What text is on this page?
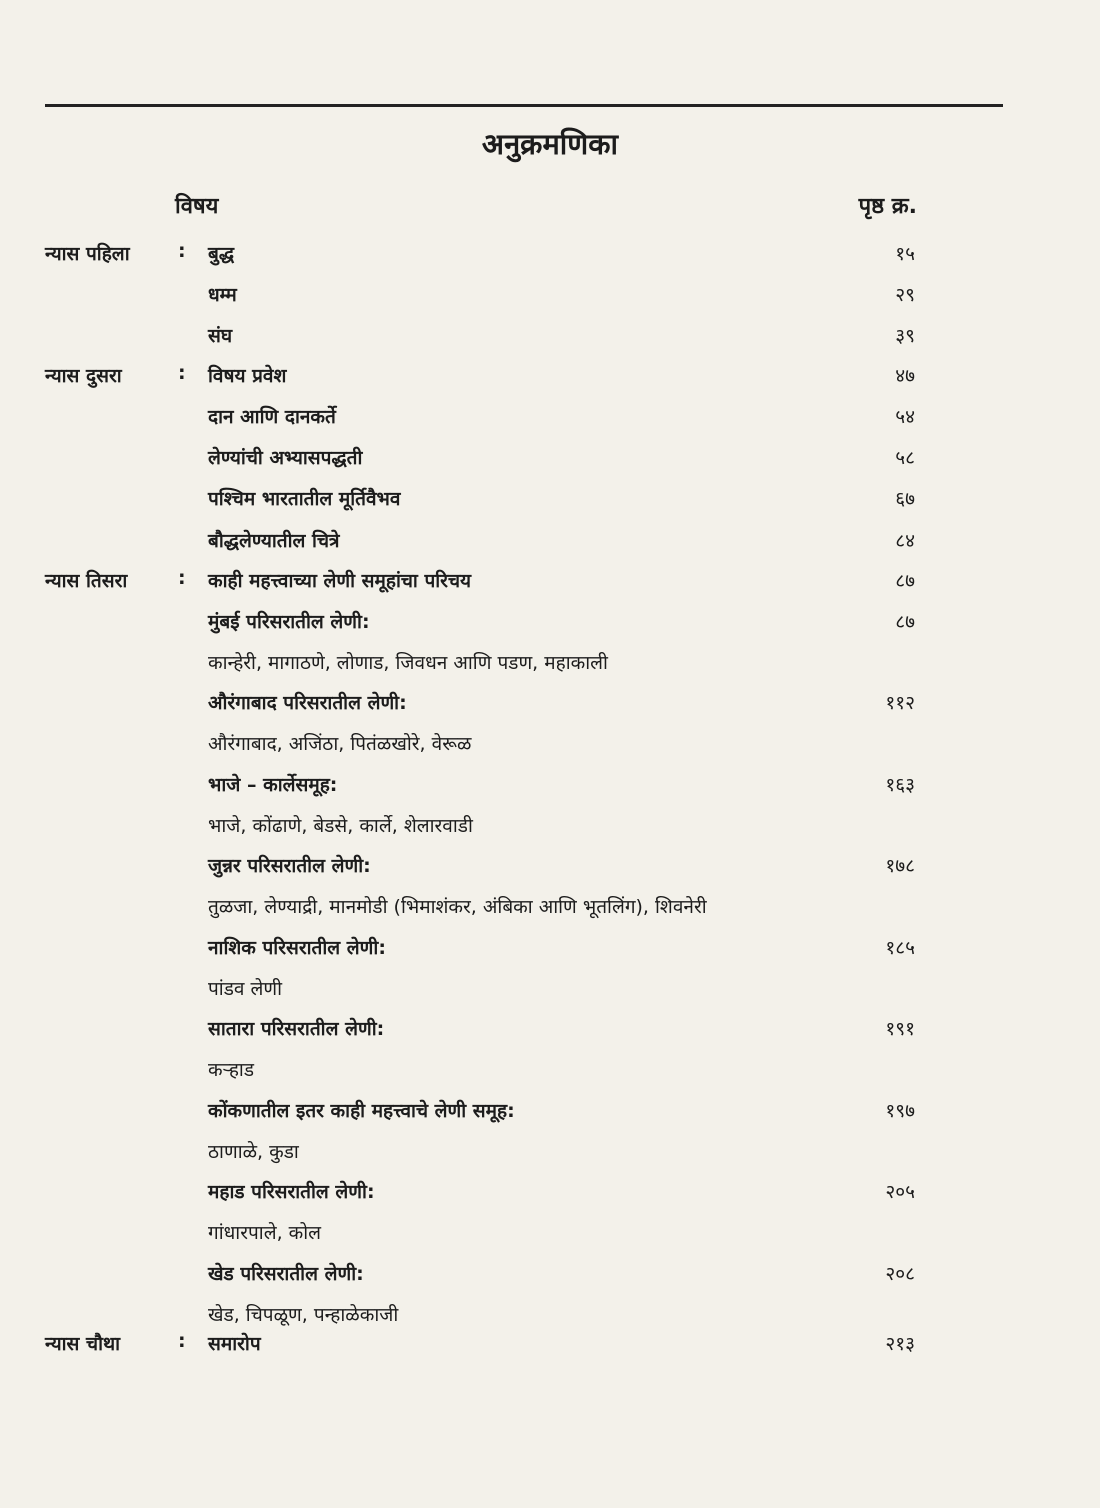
अनुक्रमणिका
विषय	पृष्ठ क्र.
न्यास पहिला	: बुद्ध	१५
धम्म	२९
संघ	३९
न्यास दुसरा	: विषय प्रवेश	४७
दान आणि दानकर्ते	५४
लेण्यांची अभ्यासपद्धती	५८
पश्चिम भारतातील मूर्तिवैभव	६७
बौद्धलेण्यातील चित्रे	८४
न्यास तिसरा	: काही महत्त्वाच्या लेणी समूहांचा परिचय	८७
मुंबई परिसरातील लेणी:	८७
कान्हेरी, मागाठणे, लोणाड, जिवधन आणि पडण, महाकाली
औरंगाबाद परिसरातील लेणी:	११२
औरंगाबाद, अजिंठा, पितंळखोरे, वेरूळ
भाजे – कार्लेसमूह:	१६३
भाजे, कोंढाणे, बेडसे, कार्ले, शेलारवाडी
जुन्नर परिसरातील लेणी:	१७८
तुळजा, लेण्याद्री, मानमोडी (भिमाशंकर, अंबिका आणि भूतलिंग), शिवनेरी
नाशिक परिसरातील लेणी:	१८५
पांडव लेणी
सातारा परिसरातील लेणी:	१९१
कऱ्हाड
कोंकणातील इतर काही महत्त्वाचे लेणी समूह:	१९७
ठाणाळे, कुडा
महाड परिसरातील लेणी:	२०५
गांधारपाले, कोल
खेड परिसरातील लेणी:	२०८
खेड, चिपळूण, पन्हाळेकाजी
न्यास चौथा	: समारोप	२१३
